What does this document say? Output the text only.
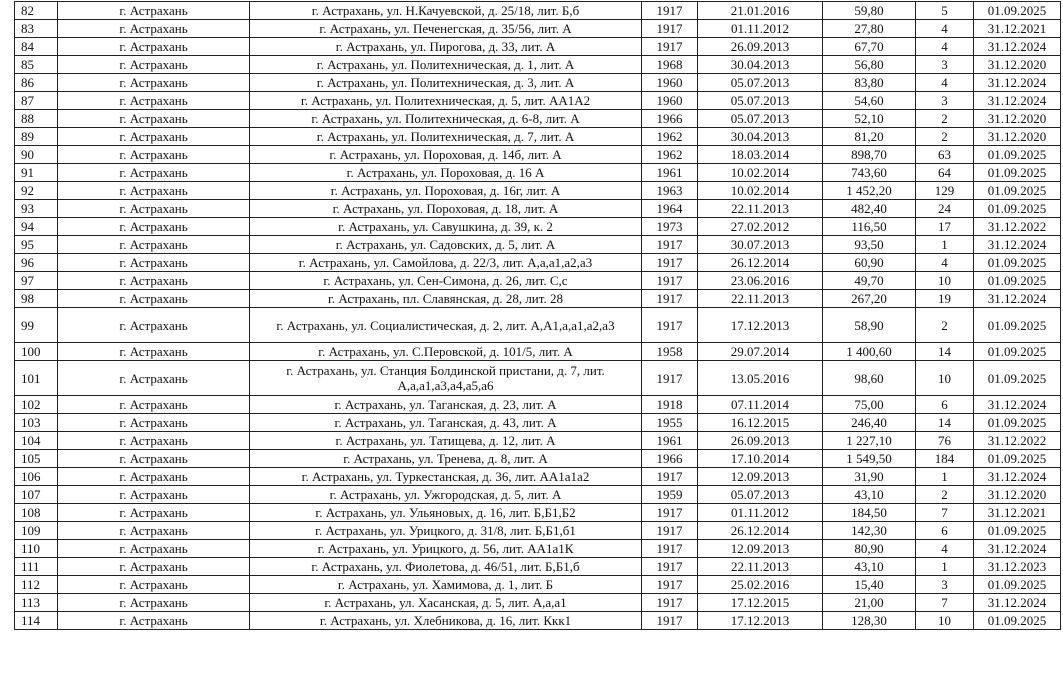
82	г. Астрахань	г. Астрахань, ул. Н.Качуевской, д. 25/18, лит. Б,б	1917	21.01.2016	59,80	5	01.09.2025
83	г. Астрахань	г. Астрахань, ул. Печенегская, д. 35/56, лит. А	1917	01.11.2012	27,80	4	31.12.2021
84	г. Астрахань	г. Астрахань, ул. Пирогова, д. 33, лит. А	1917	26.09.2013	67,70	4	31.12.2024
85	г. Астрахань	г. Астрахань, ул. Политехническая, д. 1, лит. А	1968	30.04.2013	56,80	3	31.12.2020
86	г. Астрахань	г. Астрахань, ул. Политехническая, д. 3, лит. А	1960	05.07.2013	83,80	4	31.12.2024
87	г. Астрахань	г. Астрахань, ул. Политехническая, д. 5, лит. АА1А2	1960	05.07.2013	54,60	3	31.12.2024
88	г. Астрахань	г. Астрахань, ул. Политехническая, д. 6-8, лит. А	1966	05.07.2013	52,10	2	31.12.2020
89	г. Астрахань	г. Астрахань, ул. Политехническая, д. 7, лит. А	1962	30.04.2013	81,20	2	31.12.2020
90	г. Астрахань	г. Астрахань, ул. Пороховая, д. 14б, лит. А	1962	18.03.2014	898,70	63	01.09.2025
91	г. Астрахань	г. Астрахань, ул. Пороховая, д. 16 А	1961	10.02.2014	743,60	64	01.09.2025
92	г. Астрахань	г. Астрахань, ул. Пороховая, д. 16г, лит. А	1963	10.02.2014	1 452,20	129	01.09.2025
93	г. Астрахань	г. Астрахань, ул. Пороховая, д. 18, лит. А	1964	22.11.2013	482,40	24	01.09.2025
94	г. Астрахань	г. Астрахань, ул. Савушкина, д. 39, к. 2	1973	27.02.2012	116,50	17	31.12.2022
95	г. Астрахань	г. Астрахань, ул. Садовских, д. 5, лит. А	1917	30.07.2013	93,50	1	31.12.2024
96	г. Астрахань	г. Астрахань, ул. Самойлова, д. 22/3, лит. А,а,а1,а2,а3	1917	26.12.2014	60,90	4	01.09.2025
97	г. Астрахань	г. Астрахань, ул. Сен-Симона, д. 26, лит. С,с	1917	23.06.2016	49,70	10	01.09.2025
98	г. Астрахань	г. Астрахань, пл. Славянская, д. 28, лит. 28	1917	22.11.2013	267,20	19	31.12.2024
99	г. Астрахань	г. Астрахань, ул. Социалистическая, д. 2, лит. А,А1,а,а1,а2,а3	1917	17.12.2013	58,90	2	01.09.2025
100	г. Астрахань	г. Астрахань, ул. С.Перовской, д. 101/5, лит. А	1958	29.07.2014	1 400,60	14	01.09.2025
101	г. Астрахань	г. Астрахань, ул. Станция Болдинской пристани, д. 7, лит. А,а,а1,а3,а4,а5,а6	1917	13.05.2016	98,60	10	01.09.2025
102	г. Астрахань	г. Астрахань, ул. Таганская, д. 23, лит. А	1918	07.11.2014	75,00	6	31.12.2024
103	г. Астрахань	г. Астрахань, ул. Таганская, д. 43, лит. А	1955	16.12.2015	246,40	14	01.09.2025
104	г. Астрахань	г. Астрахань, ул. Татищева, д. 12, лит. А	1961	26.09.2013	1 227,10	76	31.12.2022
105	г. Астрахань	г. Астрахань, ул. Тренева, д. 8, лит. А	1966	17.10.2014	1 549,50	184	01.09.2025
106	г. Астрахань	г. Астрахань, ул. Туркестанская, д. 36, лит. АА1а1а2	1917	12.09.2013	31,90	1	31.12.2024
107	г. Астрахань	г. Астрахань, ул. Ужгородская, д. 5, лит. А	1959	05.07.2013	43,10	2	31.12.2020
108	г. Астрахань	г. Астрахань, ул. Ульяновых, д. 16, лит. Б,Б1,Б2	1917	01.11.2012	184,50	7	31.12.2021
109	г. Астрахань	г. Астрахань, ул. Урицкого, д. 31/8, лит. Б,Б1,б1	1917	26.12.2014	142,30	6	01.09.2025
110	г. Астрахань	г. Астрахань, ул. Урицкого, д. 56, лит. АА1а1К	1917	12.09.2013	80,90	4	31.12.2024
111	г. Астрахань	г. Астрахань, ул. Фиолетова, д. 46/51, лит. Б,Б1,б	1917	22.11.2013	43,10	1	31.12.2023
112	г. Астрахань	г. Астрахань, ул. Хамимова, д. 1, лит. Б	1917	25.02.2016	15,40	3	01.09.2025
113	г. Астрахань	г. Астрахань, ул. Хасанская, д. 5, лит. А,а,а1	1917	17.12.2015	21,00	7	31.12.2024
114	г. Астрахань	г. Астрахань, ул. Хлебникова, д. 16, лит. Ккк1	1917	17.12.2013	128,30	10	01.09.2025
